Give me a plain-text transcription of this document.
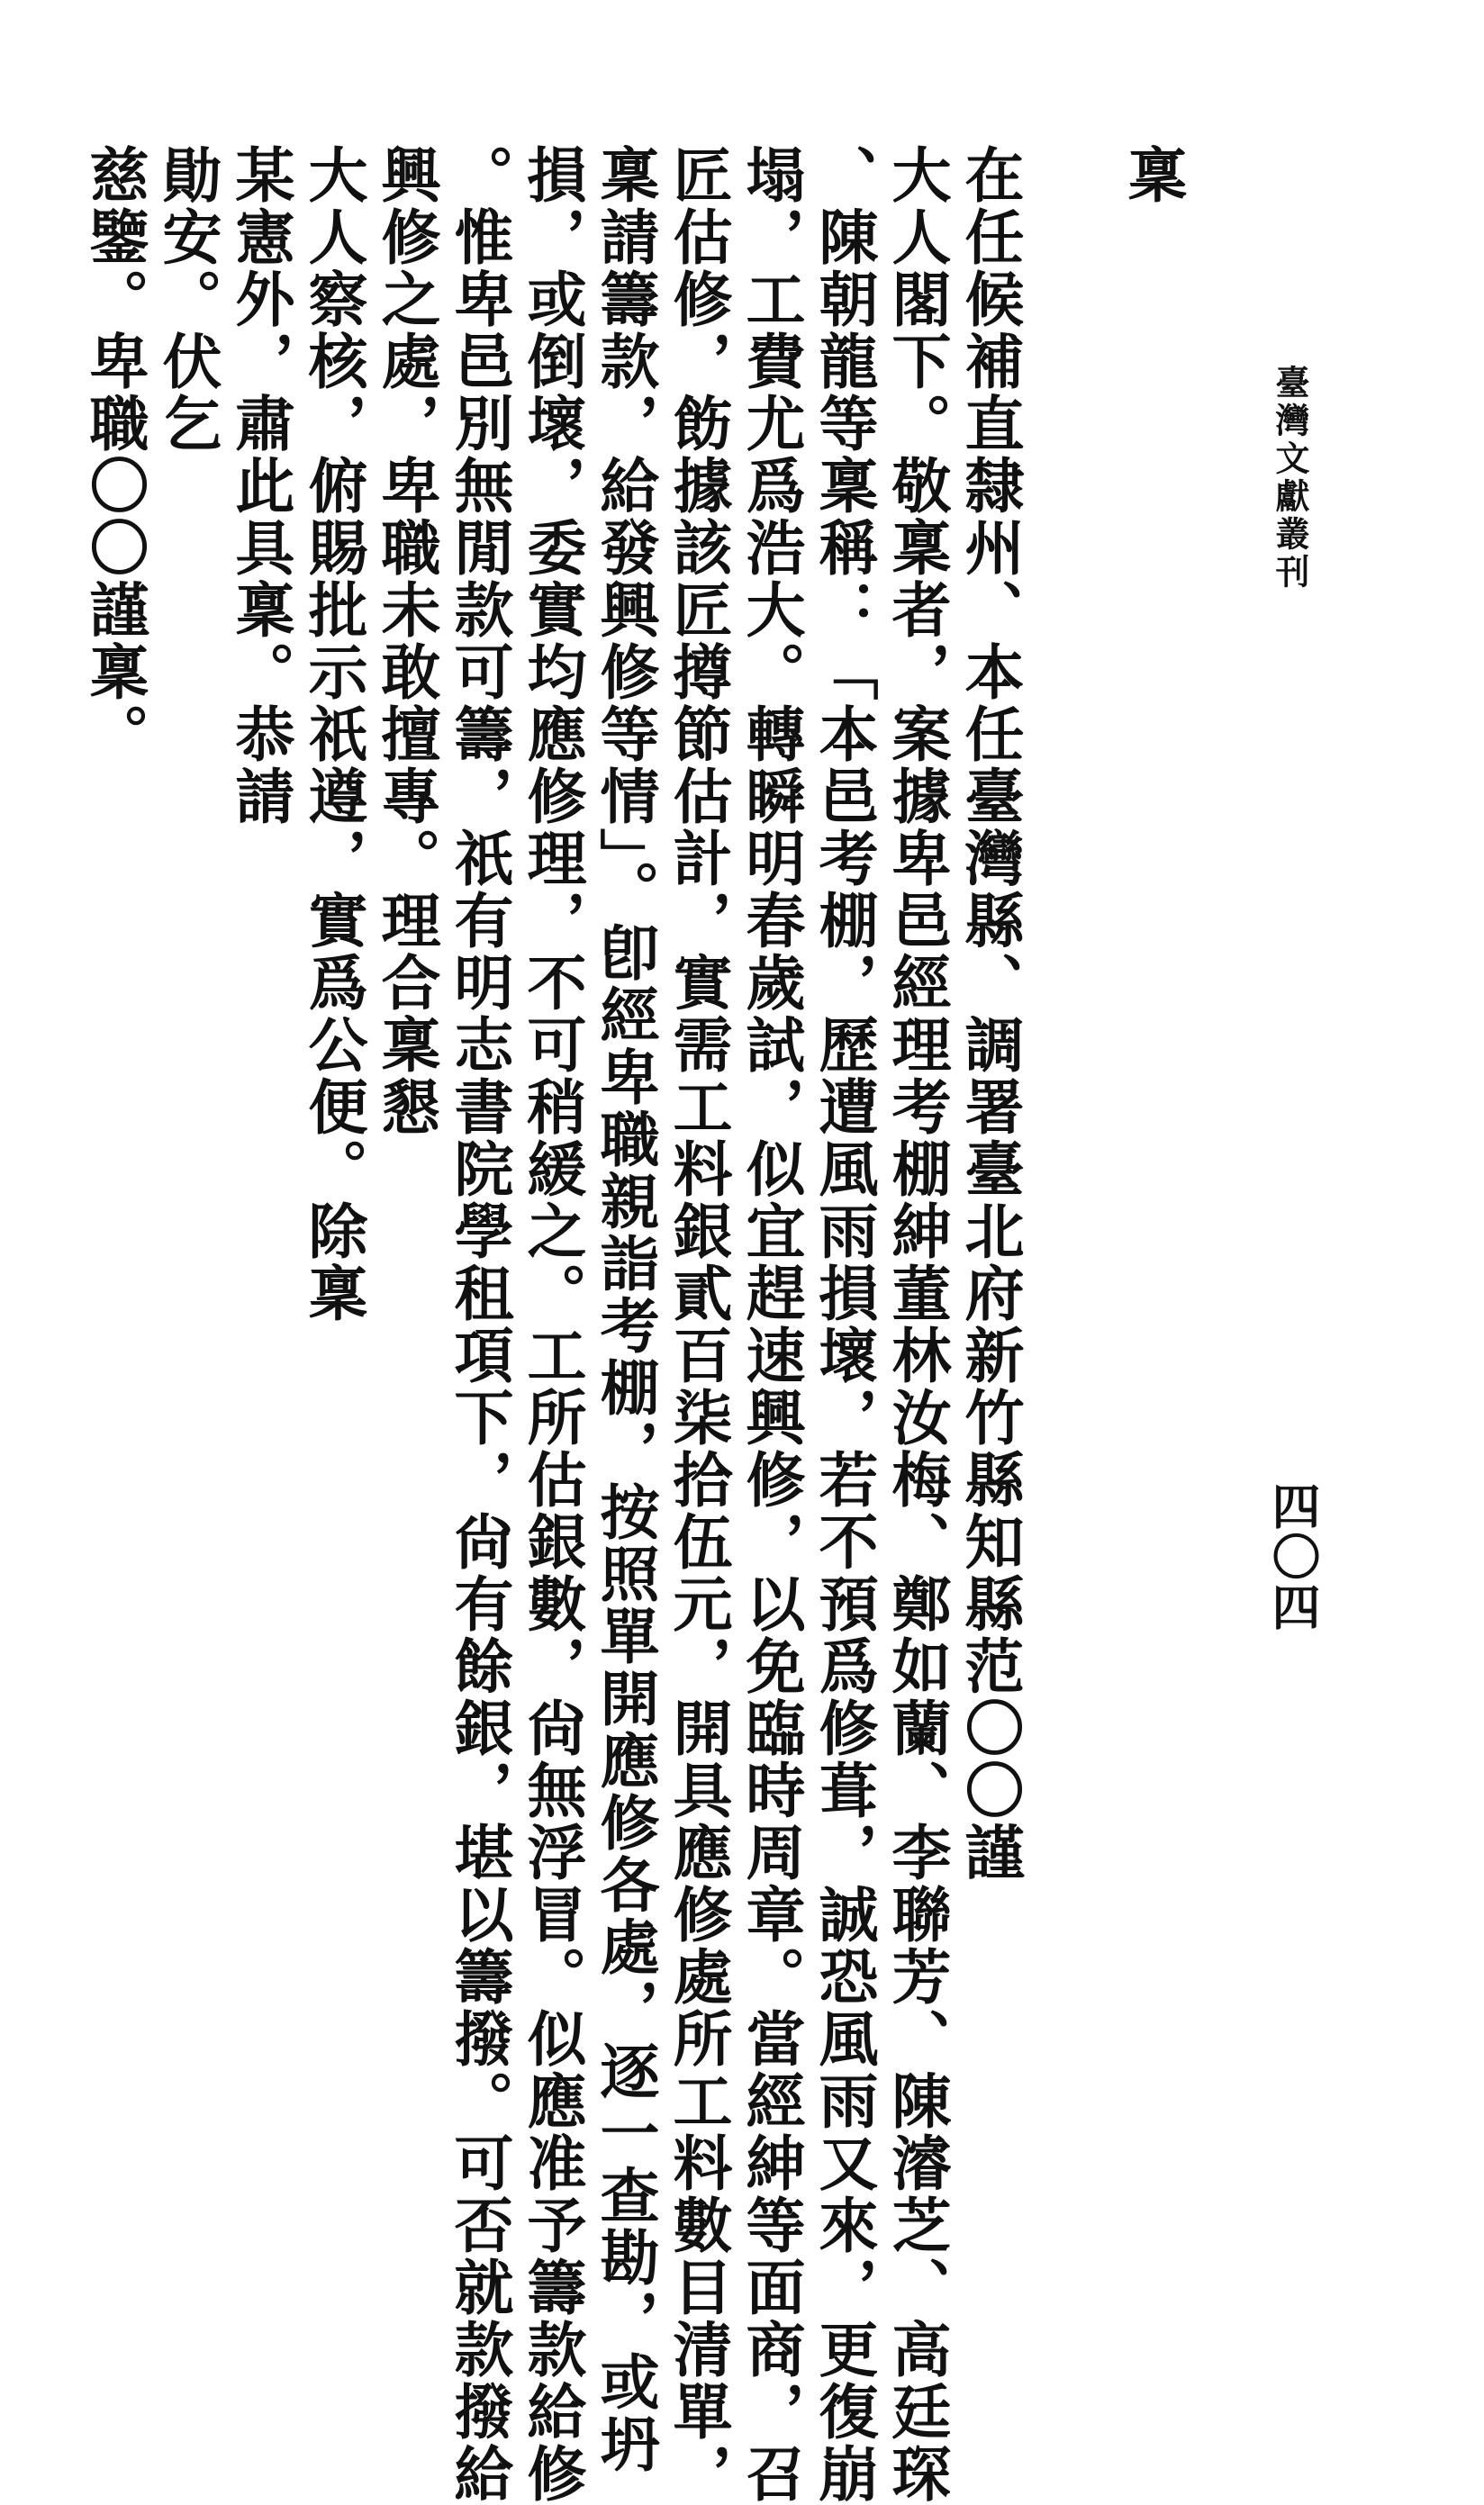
臺灣文獻叢刊
四〇四
稟
在任候補直隸州、本任臺灣縣、調署臺北府新竹縣知縣范〇〇謹
大人閣下。敬稟者，案據卑邑經理考棚紳董林汝梅、鄭如蘭、李聯芳、陳濬芝、高廷琛
、陳朝龍等稟稱：「本邑考棚，歷遭風雨損壞，若不預爲修葺，誠恐風雨又來，更復崩
塌，工費尤爲浩大。轉瞬明春歲試，似宜趕速興修，以免臨時周章。當經紳等面商，召
匠估修，飭據該匠撙節估計，實需工料銀貳百柒拾伍元，開具應修處所工料數目清單，
稟請籌款，給發興修等情」。卽經卑職親詣考棚，按照單開應修各處，逐一查勘，或坍
損，或倒壞，委實均應修理，不可稍緩之。工所估銀數，尙無浮冒。似應准予籌款給修
。惟卑邑別無閒款可籌，祇有明志書院學租項下，尙有餘銀，堪以籌撥。可否就款撥給
興修之處，卑職未敢擅專。理合稟懇
大人察核，俯賜批示祇遵，實爲公便。除稟
某憲外，肅此具稟。恭請
勛安。伏乞
慈鑒。卑職〇〇謹稟。
